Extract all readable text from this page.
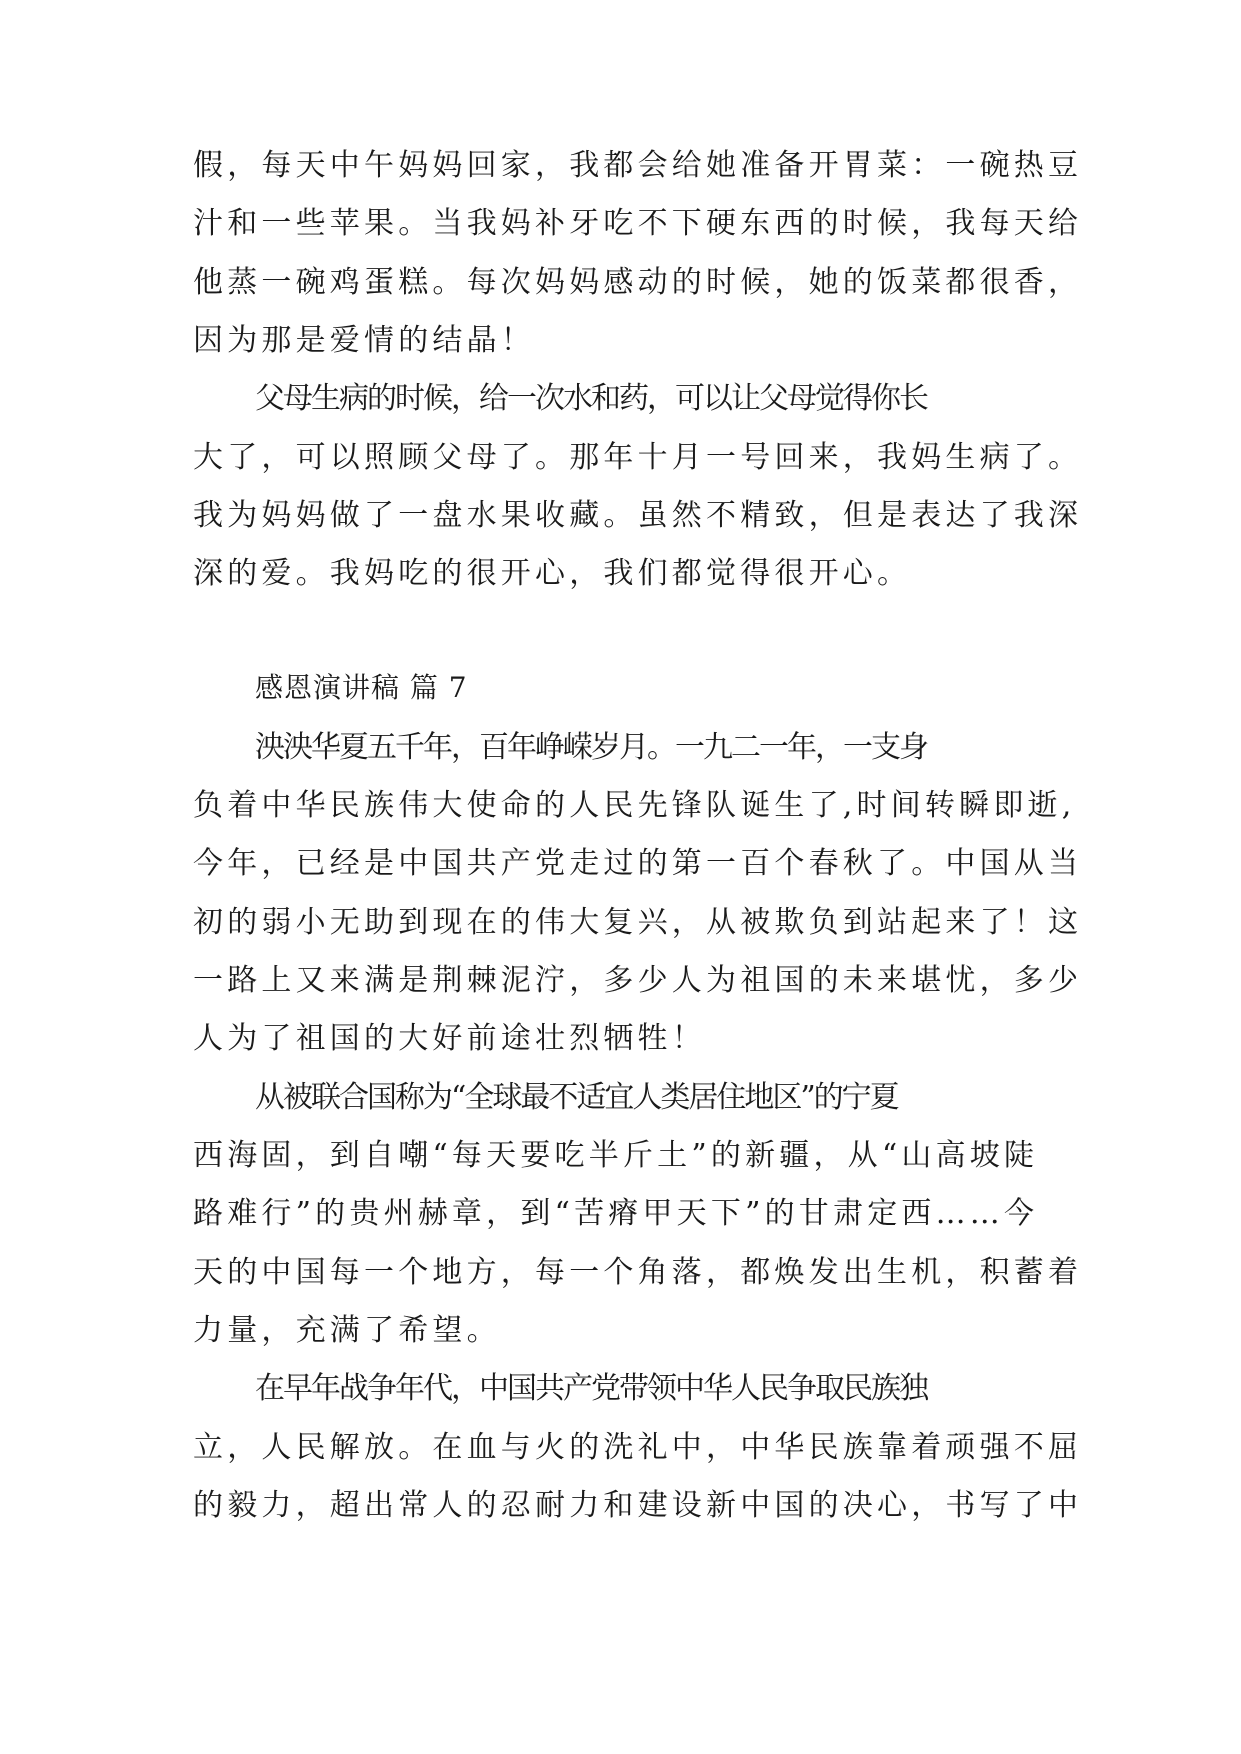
假，每天中午妈妈回家，我都会给她准备开胃菜：一碗热豆
汁和一些苹果。当我妈补牙吃不下硬东西的时候，我每天给
他蒸一碗鸡蛋糕。每次妈妈感动的时候，她的饭菜都很香，
因为那是爱情的结晶！
父母生病的时候，给一次水和药，可以让父母觉得你长
大了，可以照顾父母了。那年十月一号回来，我妈生病了。
我为妈妈做了一盘水果收藏。虽然不精致，但是表达了我深
深的爱。我妈吃的很开心，我们都觉得很开心。
感恩演讲稿 篇 7
泱泱华夏五千年，百年峥嵘岁月。一九二一年，一支身
负着中华民族伟大使命的人民先锋队诞生了,时间转瞬即逝,
今年，已经是中国共产党走过的第一百个春秋了。中国从当
初的弱小无助到现在的伟大复兴，从被欺负到站起来了！这
一路上又来满是荆棘泥泞，多少人为祖国的未来堪忧，多少
人为了祖国的大好前途壮烈牺牲！
从被联合国称为“全球最不适宜人类居住地区”的宁夏
西海固，到自嘲“每天要吃半斤土”的新疆，从“山高坡陡
路难行”的贵州赫章，到“苦瘠甲天下”的甘肃定西……今
天的中国每一个地方，每一个角落，都焕发出生机，积蓄着
力量，充满了希望。
在早年战争年代，中国共产党带领中华人民争取民族独
立，人民解放。在血与火的洗礼中，中华民族靠着顽强不屈
的毅力，超出常人的忍耐力和建设新中国的决心，书写了中
